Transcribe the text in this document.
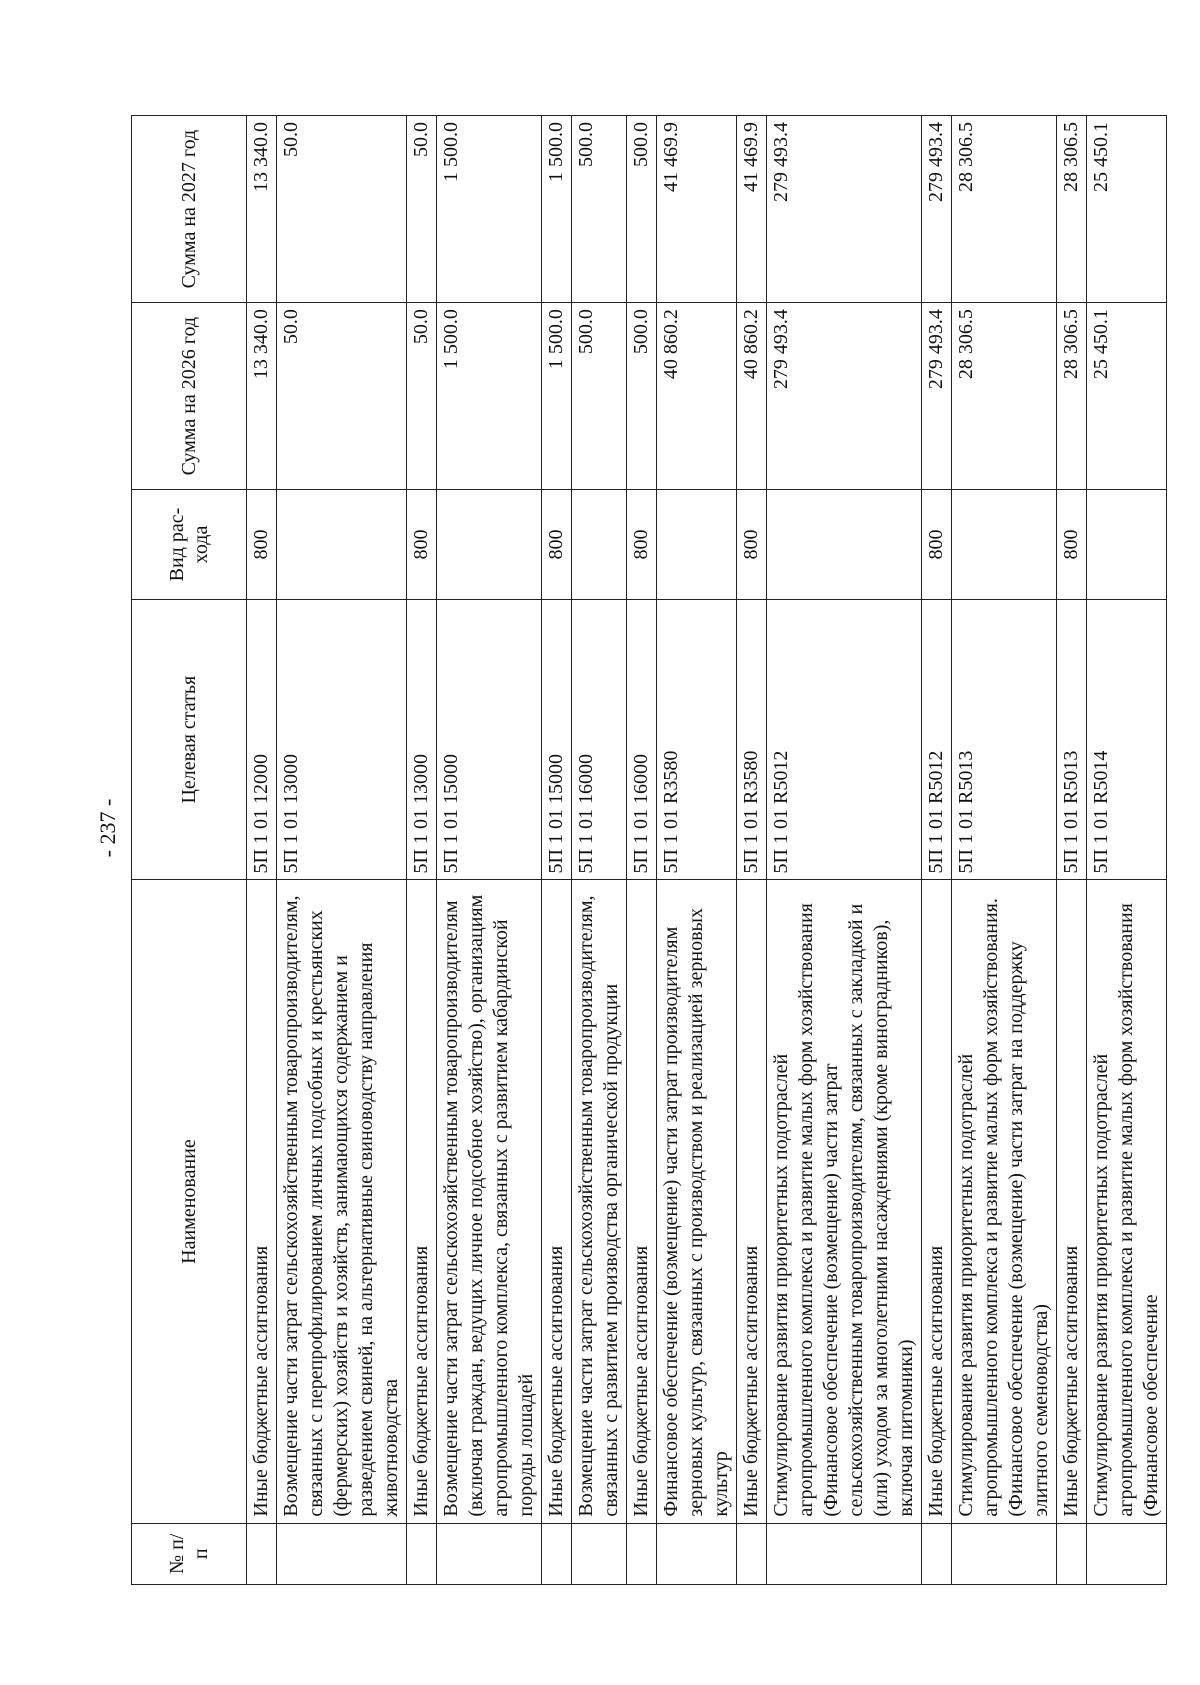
- 237 -
№ п/п	Наименование	Целевая статья	Вид рас-хода	Сумма на 2026 год	Сумма на 2027 год
	Иные бюджетные ассигнования	5П 1 01 12000	800	13 340.0	13 340.0
	Возмещение части затрат сельскохозяйственным товаропроизводителям, связанных с перепрофилированием личных подсобных и крестьянских (фермерских) хозяйств и хозяйств, занимающихся содержанием и разведением свиней, на альтернативные свиноводству направления животноводства	5П 1 01 13000		50.0	50.0
	Иные бюджетные ассигнования	5П 1 01 13000	800	50.0	50.0
	Возмещение части затрат сельскохозяйственным товаропроизводителям (включая граждан, ведущих личное подсобное хозяйство), организациям агропромышленного комплекса, связанных с развитием кабардинской породы лошадей	5П 1 01 15000		1 500.0	1 500.0
	Иные бюджетные ассигнования	5П 1 01 15000	800	1 500.0	1 500.0
	Возмещение части затрат сельскохозяйственным товаропроизводителям, связанных с развитием производства органической продукции	5П 1 01 16000		500.0	500.0
	Иные бюджетные ассигнования	5П 1 01 16000	800	500.0	500.0
	Финансовое обеспечение (возмещение) части затрат производителям зерновых культур, связанных с производством и реализацией зерновых культур	5П 1 01 R3580		40 860.2	41 469.9
	Иные бюджетные ассигнования	5П 1 01 R3580	800	40 860.2	41 469.9
	Стимулирование развития приоритетных подотраслей агропромышленного комплекса и развитие малых форм хозяйствования (Финансовое обеспечение (возмещение) части затрат сельскохозяйственным товаропроизводителям, связанных с закладкой и (или) уходом за многолетними насаждениями (кроме виноградников), включая питомники)	5П 1 01 R5012		279 493.4	279 493.4
	Иные бюджетные ассигнования	5П 1 01 R5012	800	279 493.4	279 493.4
	Стимулирование развития приоритетных подотраслей агропромышленного комплекса и развитие малых форм хозяйствования. (Финансовое обеспечение (возмещение) части затрат на поддержку элитного семеноводства)	5П 1 01 R5013		28 306.5	28 306.5
	Иные бюджетные ассигнования	5П 1 01 R5013	800	28 306.5	28 306.5
	Стимулирование развития приоритетных подотраслей агропромышленного комплекса и развитие малых форм хозяйствования (Финансовое обеспечение	5П 1 01 R5014		25 450.1	25 450.1
